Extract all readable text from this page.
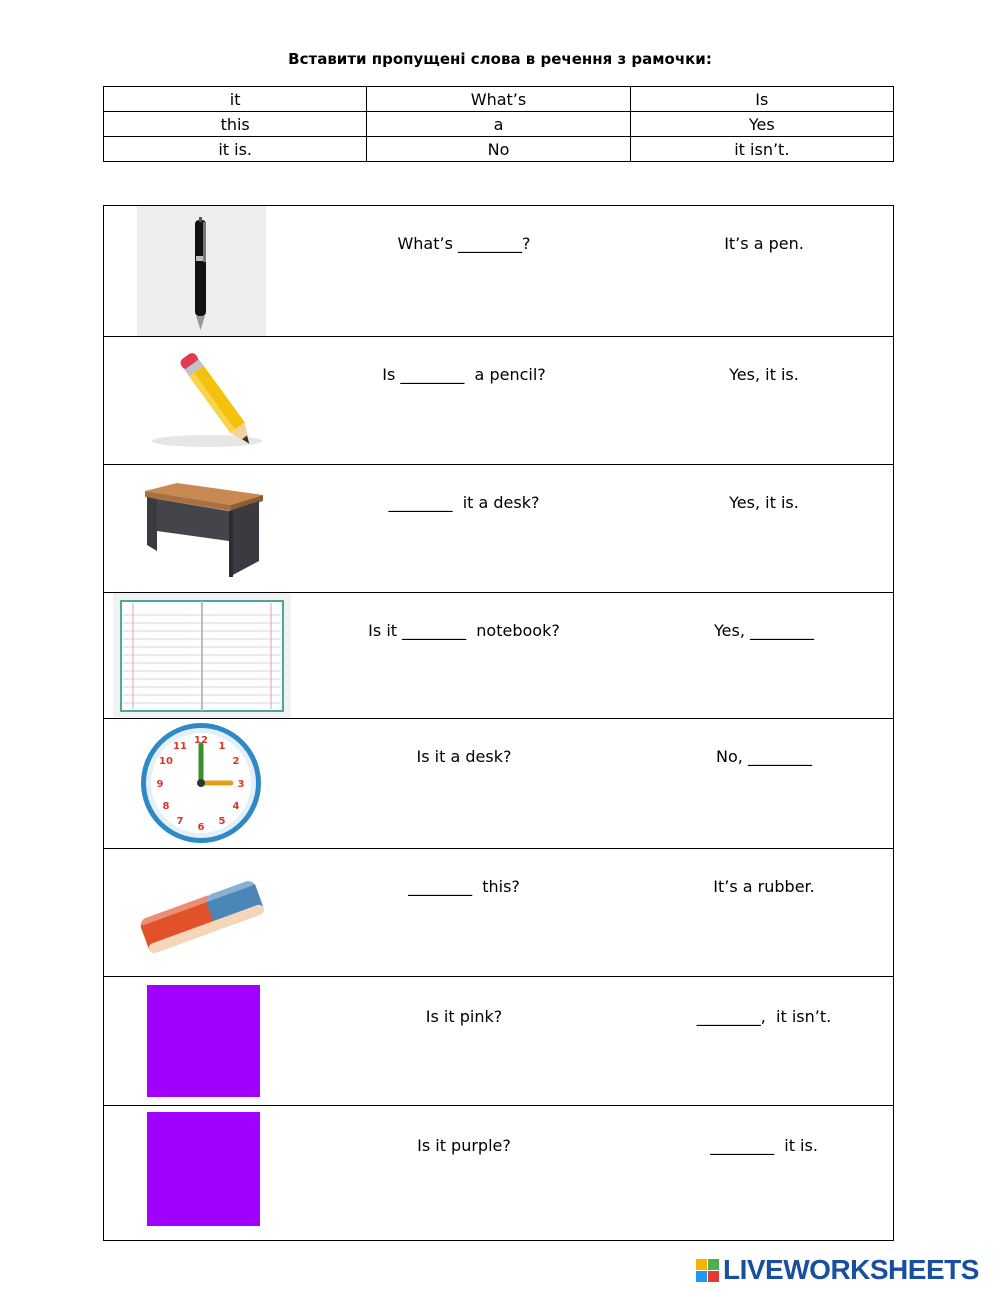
Вставити пропущені слова в речення з рамочки:
it	What’s	Is
this	a	Yes
it is.	No	it isn’t.
What’s ________?	It’s a pen.
Is ________  a pencil?	Yes, it is.
________  it a desk?	Yes, it is.
Is it ________  notebook?	Yes, ________
12
1
2
3
4
5
6
7
8
9
10
11
Is it a desk?	No, ________
________  this?	It’s a rubber.
Is it pink?	________,  it isn’t.
Is it purple?	________  it is.
LIVEWORKSHEETS
